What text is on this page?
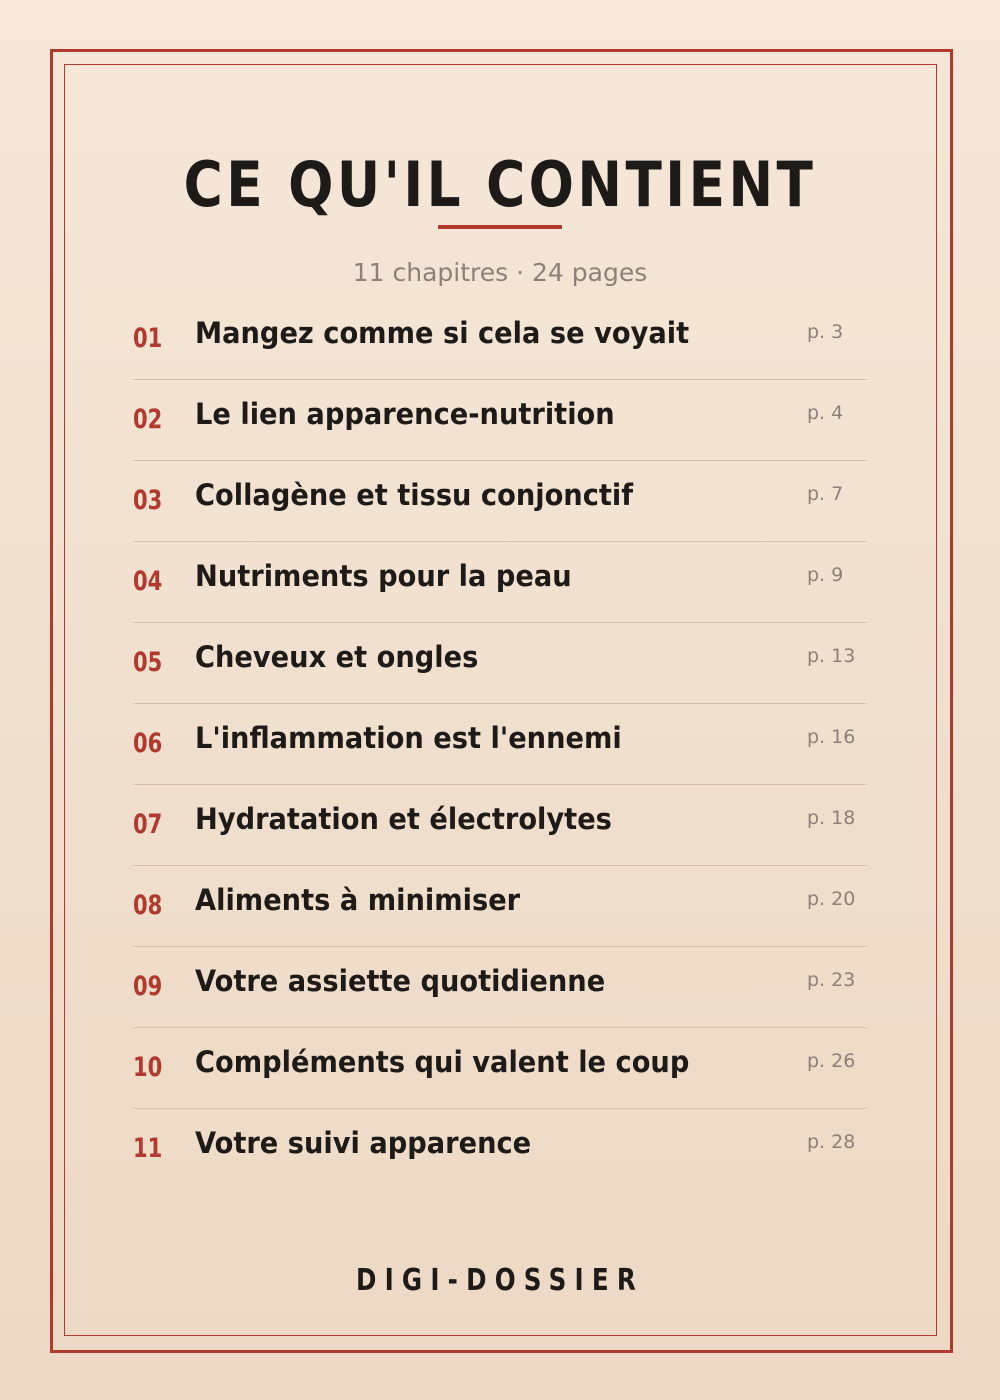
CE QU'IL CONTIENT
11 chapitres · 24 pages
01 Mangez comme si cela se voyait	p. 3
02 Le lien apparence-nutrition	p. 4
03 Collagène et tissu conjonctif	p. 7
04 Nutriments pour la peau	p. 9
05 Cheveux et ongles	p. 13
06 L'inflammation est l'ennemi	p. 16
07 Hydratation et électrolytes	p. 18
08 Aliments à minimiser	p. 20
09 Votre assiette quotidienne	p. 23
10 Compléments qui valent le coup	p. 26
11 Votre suivi apparence	p. 28
DIGI-DOSSIER
